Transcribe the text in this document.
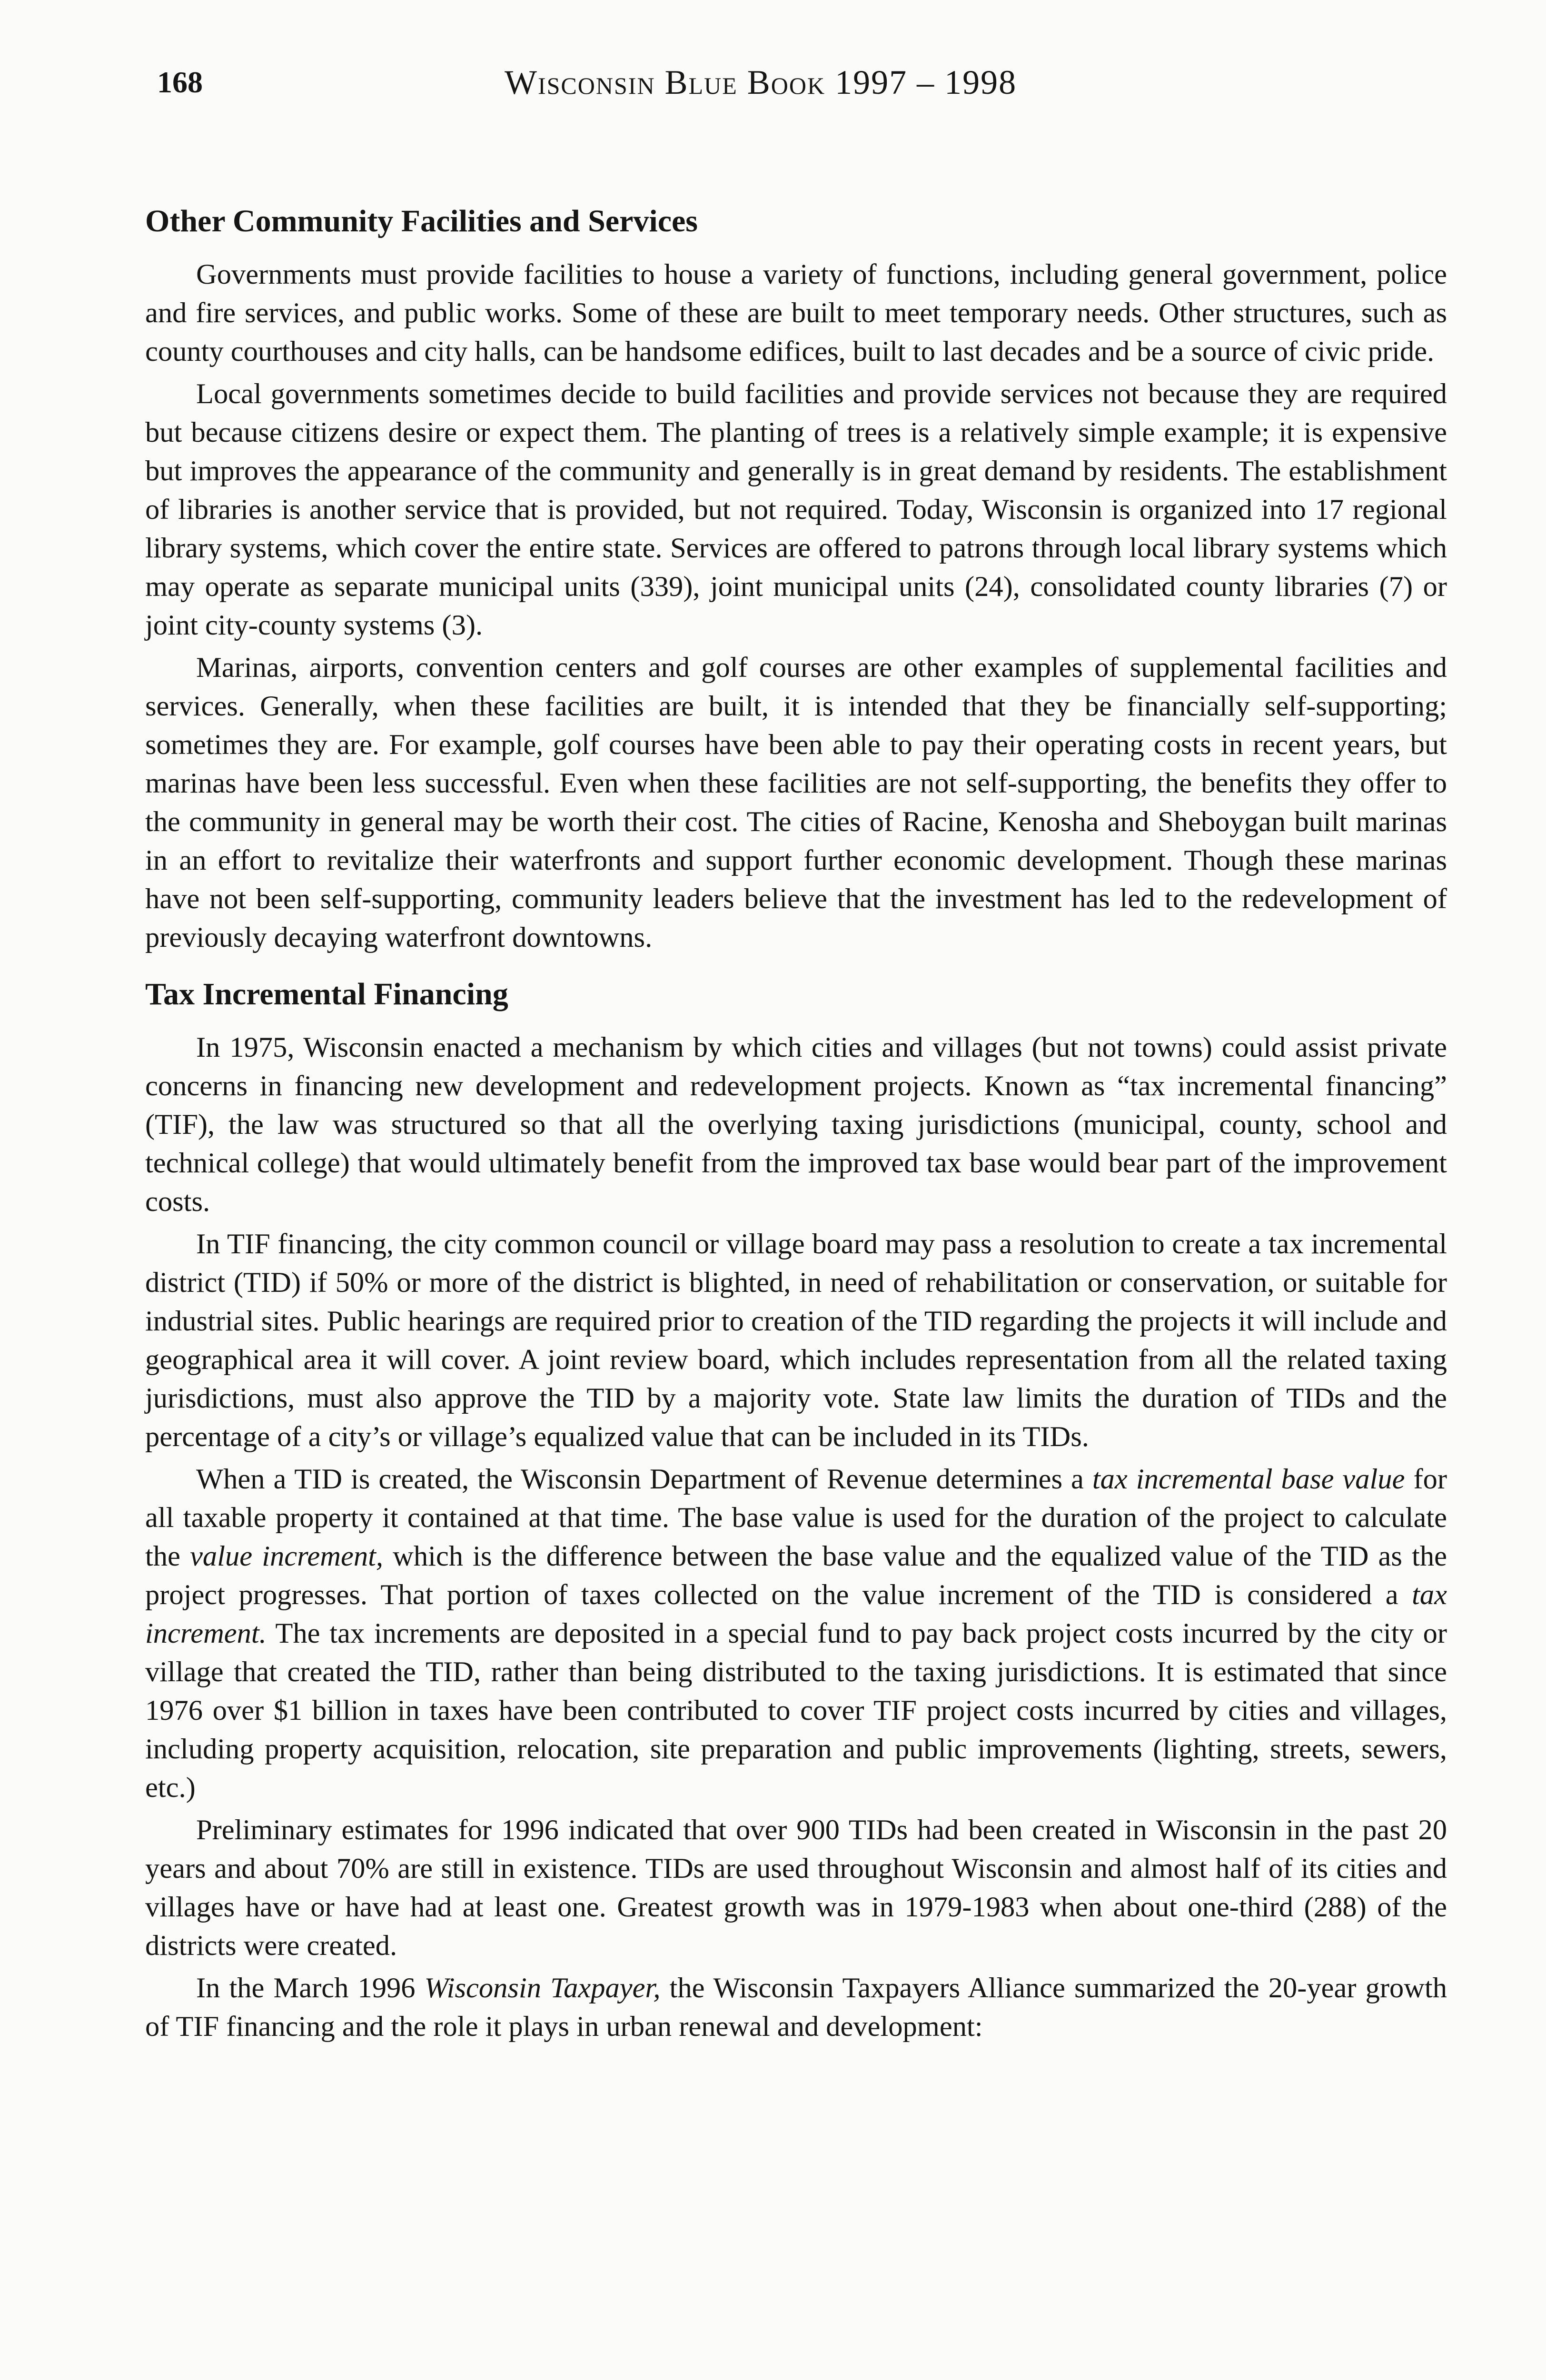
168	Wisconsin Blue Book 1997 – 1998
Other Community Facilities and Services

Governments must provide facilities to house a variety of functions, including general government, police and fire services, and public works. Some of these are built to meet temporary needs. Other structures, such as county courthouses and city halls, can be handsome edifices, built to last decades and be a source of civic pride.

Local governments sometimes decide to build facilities and provide services not because they are required but because citizens desire or expect them. The planting of trees is a relatively simple example; it is expensive but improves the appearance of the community and generally is in great demand by residents. The establishment of libraries is another service that is provided, but not required. Today, Wisconsin is organized into 17 regional library systems, which cover the entire state. Services are offered to patrons through local library systems which may operate as separate municipal units (339), joint municipal units (24), consolidated county libraries (7) or joint city-county systems (3).

Marinas, airports, convention centers and golf courses are other examples of supplemental facilities and services. Generally, when these facilities are built, it is intended that they be financially self-supporting; sometimes they are. For example, golf courses have been able to pay their operating costs in recent years, but marinas have been less successful. Even when these facilities are not self-supporting, the benefits they offer to the community in general may be worth their cost. The cities of Racine, Kenosha and Sheboygan built marinas in an effort to revitalize their waterfronts and support further economic development. Though these marinas have not been self-supporting, community leaders believe that the investment has led to the redevelopment of previously decaying waterfront downtowns.

Tax Incremental Financing

In 1975, Wisconsin enacted a mechanism by which cities and villages (but not towns) could assist private concerns in financing new development and redevelopment projects. Known as “tax incremental financing” (TIF), the law was structured so that all the overlying taxing jurisdictions (municipal, county, school and technical college) that would ultimately benefit from the improved tax base would bear part of the improvement costs.

In TIF financing, the city common council or village board may pass a resolution to create a tax incremental district (TID) if 50% or more of the district is blighted, in need of rehabilitation or conservation, or suitable for industrial sites. Public hearings are required prior to creation of the TID regarding the projects it will include and geographical area it will cover. A joint review board, which includes representation from all the related taxing jurisdictions, must also approve the TID by a majority vote. State law limits the duration of TIDs and the percentage of a city’s or village’s equalized value that can be included in its TIDs.

When a TID is created, the Wisconsin Department of Revenue determines a tax incremental base value for all taxable property it contained at that time. The base value is used for the duration of the project to calculate the value increment, which is the difference between the base value and the equalized value of the TID as the project progresses. That portion of taxes collected on the value increment of the TID is considered a tax increment. The tax increments are deposited in a special fund to pay back project costs incurred by the city or village that created the TID, rather than being distributed to the taxing jurisdictions. It is estimated that since 1976 over $1 billion in taxes have been contributed to cover TIF project costs incurred by cities and villages, including property acquisition, relocation, site preparation and public improvements (lighting, streets, sewers, etc.)

Preliminary estimates for 1996 indicated that over 900 TIDs had been created in Wisconsin in the past 20 years and about 70% are still in existence. TIDs are used throughout Wisconsin and almost half of its cities and villages have or have had at least one. Greatest growth was in 1979-1983 when about one-third (288) of the districts were created.

In the March 1996 Wisconsin Taxpayer, the Wisconsin Taxpayers Alliance summarized the 20-year growth of TIF financing and the role it plays in urban renewal and development:
